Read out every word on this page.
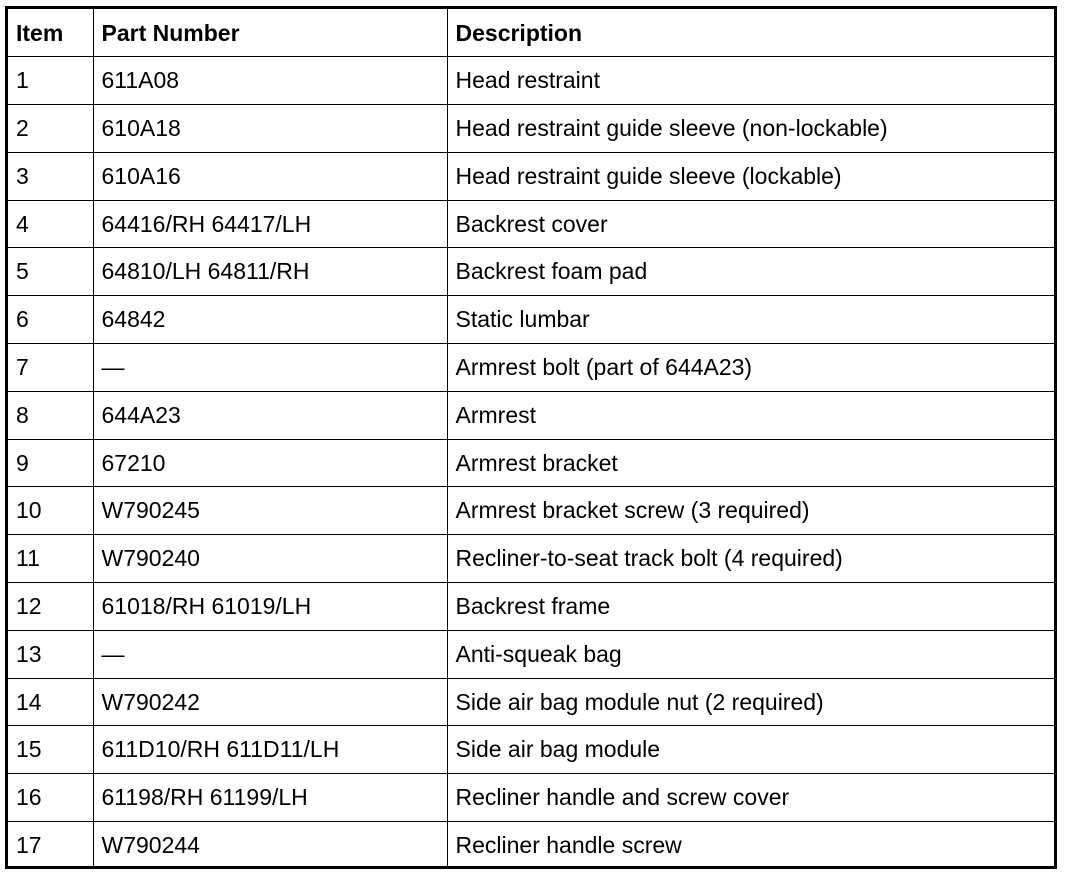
Item	Part Number	Description
1	611A08	Head restraint
2	610A18	Head restraint guide sleeve (non-lockable)
3	610A16	Head restraint guide sleeve (lockable)
4	64416/RH 64417/LH	Backrest cover
5	64810/LH 64811/RH	Backrest foam pad
6	64842	Static lumbar
7	—	Armrest bolt (part of 644A23)
8	644A23	Armrest
9	67210	Armrest bracket
10	W790245	Armrest bracket screw (3 required)
11	W790240	Recliner-to-seat track bolt (4 required)
12	61018/RH 61019/LH	Backrest frame
13	—	Anti-squeak bag
14	W790242	Side air bag module nut (2 required)
15	611D10/RH 611D11/LH	Side air bag module
16	61198/RH 61199/LH	Recliner handle and screw cover
17	W790244	Recliner handle screw
